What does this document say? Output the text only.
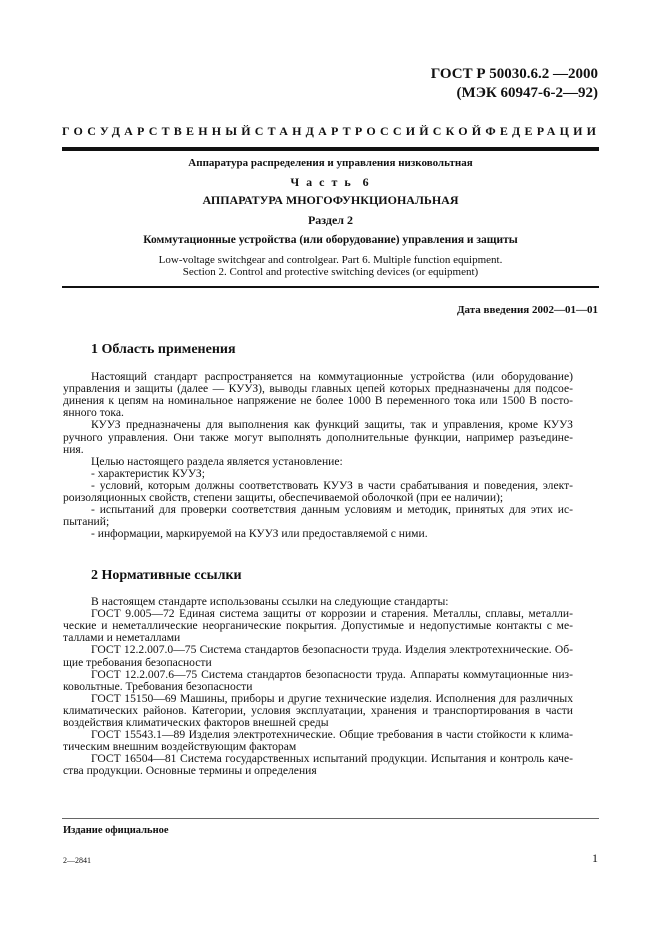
ГОСТ Р 50030.6.2 —2000
(МЭК 60947-6-2—92)
ГОСУДАРСТВЕННЫЙ СТАНДАРТ РОССИЙСКОЙ ФЕДЕРАЦИИ
Аппаратура распределения и управления низковольтная
Ч а с т ь  6
АППАРАТУРА МНОГОФУНКЦИОНАЛЬНАЯ
Раздел 2
Коммутационные устройства (или оборудование) управления и защиты
Low-voltage switchgear and controlgear. Part 6. Multiple function equipment.
Section 2. Control and protective switching devices (or equipment)
Дата введения 2002—01—01
1 Область применения
Настоящий стандарт распространяется на коммутационные устройства (или оборудование)
управления и защиты (далее — КУУЗ), выводы главных цепей которых предназначены для подсое-
динения к цепям на номинальное напряжение не более 1000 В переменного тока или 1500 В посто-
янного тока.
КУУЗ предназначены для выполнения как функций защиты, так и управления, кроме КУУЗ
ручного управления. Они также могут выполнять дополнительные функции, например разъедине-
ния.
Целью настоящего раздела является установление:
- характеристик КУУЗ;
- условий, которым должны соответствовать КУУЗ в части срабатывания и поведения, элект-
роизоляционных свойств, степени защиты, обеспечиваемой оболочкой (при ее наличии);
- испытаний для проверки соответствия данным условиям и методик, принятых для этих ис-
пытаний;
- информации, маркируемой на КУУЗ или предоставляемой с ними.
2 Нормативные ссылки
В настоящем стандарте использованы ссылки на следующие стандарты:
ГОСТ 9.005—72 Единая система защиты от коррозии и старения. Металлы, сплавы, металли-
ческие и неметаллические неорганические покрытия. Допустимые и недопустимые контакты с ме-
таллами и неметаллами
ГОСТ 12.2.007.0—75 Система стандартов безопасности труда. Изделия электротехнические. Об-
щие требования безопасности
ГОСТ 12.2.007.6—75 Система стандартов безопасности труда. Аппараты коммутационные низ-
ковольтные. Требования безопасности
ГОСТ 15150—69 Машины, приборы и другие технические изделия. Исполнения для различных
климатических районов. Категории, условия эксплуатации, хранения и транспортирования в части
воздействия климатических факторов внешней среды
ГОСТ 15543.1—89 Изделия электротехнические. Общие требования в части стойкости к клима-
тическим внешним воздействующим факторам
ГОСТ 16504—81 Система государственных испытаний продукции. Испытания и контроль каче-
ства продукции. Основные термины и определения
Издание официальное
2—2841	1
